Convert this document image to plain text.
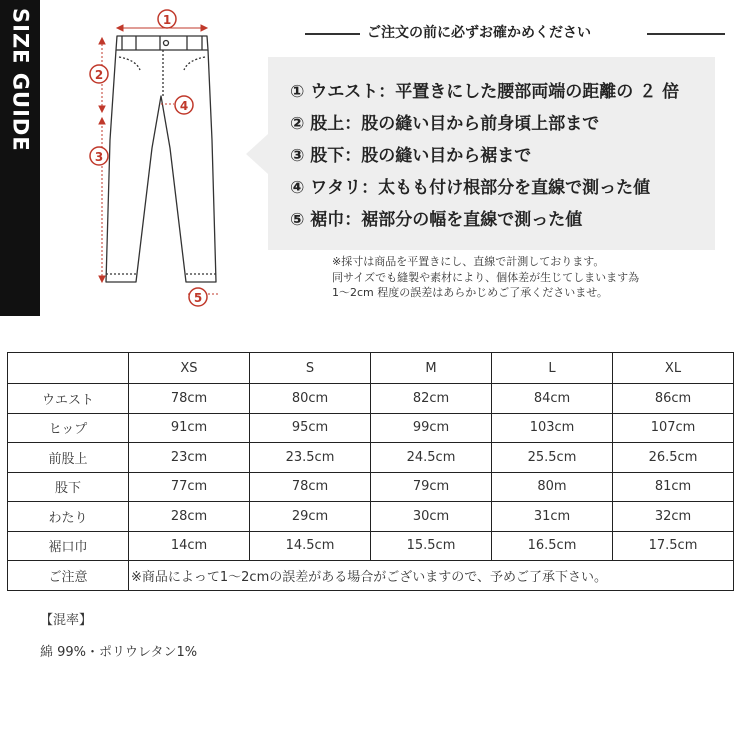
SIZE GUIDE	1
2
3
4
5
ご注文の前に必ずお確かめください
① ウエスト：平置きにした腰部両端の距離の ２ 倍
② 股上：股の縫い目から前身頃上部まで
③ 股下：股の縫い目から裾まで
④ ワタリ：太もも付け根部分を直線で測った値
⑤ 裾巾：裾部分の幅を直線で測った値
※採寸は商品を平置きにし、直線で計測しております。
同サイズでも縫製や素材により、個体差が生じてしまいます為
1〜2cm 程度の誤差はあらかじめご了承くださいませ。
	XS	S	M	L	XL
ウエスト	78cm	80cm	82cm	84cm	86cm
ヒップ	91cm	95cm	99cm	103cm	107cm
前股上	23cm	23.5cm	24.5cm	25.5cm	26.5cm
股下	77cm	78cm	79cm	80m	81cm
わたり	28cm	29cm	30cm	31cm	32cm
裾口巾	14cm	14.5cm	15.5cm	16.5cm	17.5cm
ご注意	※商品によって1〜2cmの誤差がある場合がございますので、予めご了承下さい。				
【混率】
綿 99%・ポリウレタン1%
